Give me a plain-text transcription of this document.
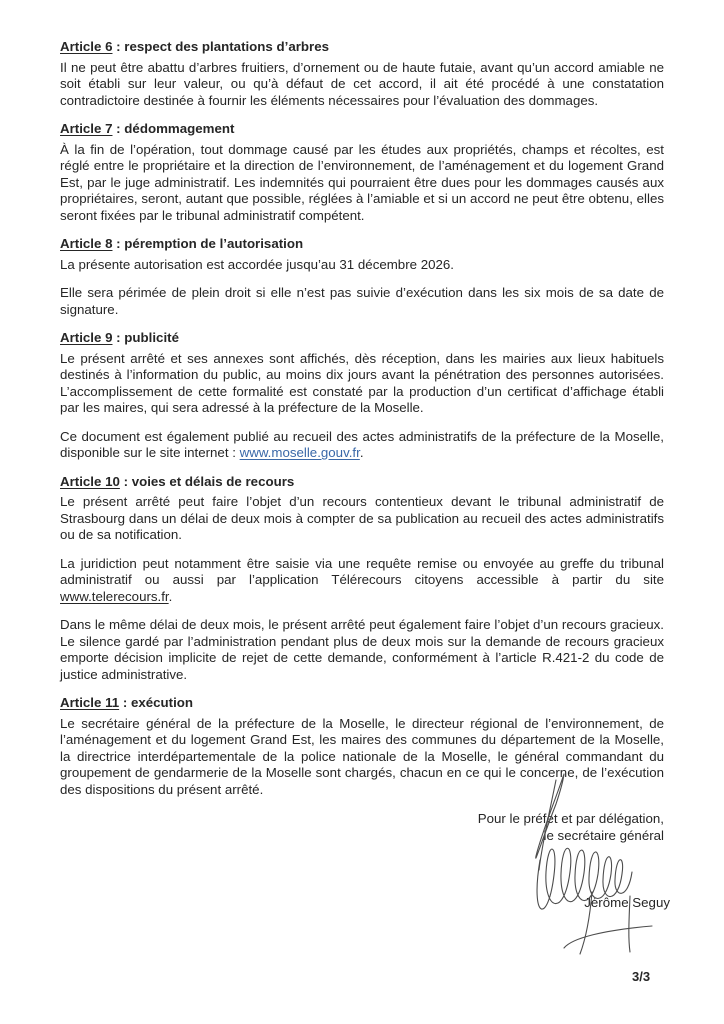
Article 6 : respect des plantations d’arbres

Il ne peut être abattu d’arbres fruitiers, d’ornement ou de haute futaie, avant qu’un accord amiable ne soit établi sur leur valeur, ou qu’à défaut de cet accord, il ait été procédé à une constatation contradictoire destinée à fournir les éléments nécessaires pour l’évaluation des dommages.

Article 7 : dédommagement

À la fin de l’opération, tout dommage causé par les études aux propriétés, champs et récoltes, est réglé entre le propriétaire et la direction de l’environnement, de l’aménagement et du logement Grand Est, par le juge administratif. Les indemnités qui pourraient être dues pour les dommages causés aux propriétaires, seront, autant que possible, réglées à l’amiable et si un accord ne peut être obtenu, elles seront fixées par le tribunal administratif compétent.

Article 8 : péremption de l’autorisation

La présente autorisation est accordée jusqu’au 31 décembre 2026.

Elle sera périmée de plein droit si elle n’est pas suivie d’exécution dans les six mois de sa date de signature.

Article 9 : publicité

Le présent arrêté et ses annexes sont affichés, dès réception, dans les mairies aux lieux habituels destinés à l’information du public, au moins dix jours avant la pénétration des personnes autorisées. L’accomplissement de cette formalité est constaté par la production d’un certificat d’affichage établi par les maires, qui sera adressé à la préfecture de la Moselle.

Ce document est également publié au recueil des actes administratifs de la préfecture de la Moselle, disponible sur le site internet : www.moselle.gouv.fr.

Article 10 : voies et délais de recours

Le présent arrêté peut faire l’objet d’un recours contentieux devant le tribunal administratif de Strasbourg dans un délai de deux mois à compter de sa publication au recueil des actes administratifs ou de sa notification.

La juridiction peut notamment être saisie via une requête remise ou envoyée au greffe du tribunal administratif ou aussi par l’application Télérecours citoyens accessible à partir du site www.telerecours.fr.

Dans le même délai de deux mois, le présent arrêté peut également faire l’objet d’un recours gracieux. Le silence gardé par l’administration pendant plus de deux mois sur la demande de recours gracieux emporte décision implicite de rejet de cette demande, conformément à l’article R.421-2 du code de justice administrative.

Article 11 : exécution

Le secrétaire général de la préfecture de la Moselle, le directeur régional de l’environnement, de l’aménagement et du logement Grand Est, les maires des communes du département de la Moselle, la directrice interdépartementale de la police nationale de la Moselle, le général commandant du groupement de gendarmerie de la Moselle sont chargés, chacun en ce qui le concerne, de l’exécution des dispositions du présent arrêté.

Pour le préfet et par délégation,
le secrétaire général
Jérôme Seguy
3/3
